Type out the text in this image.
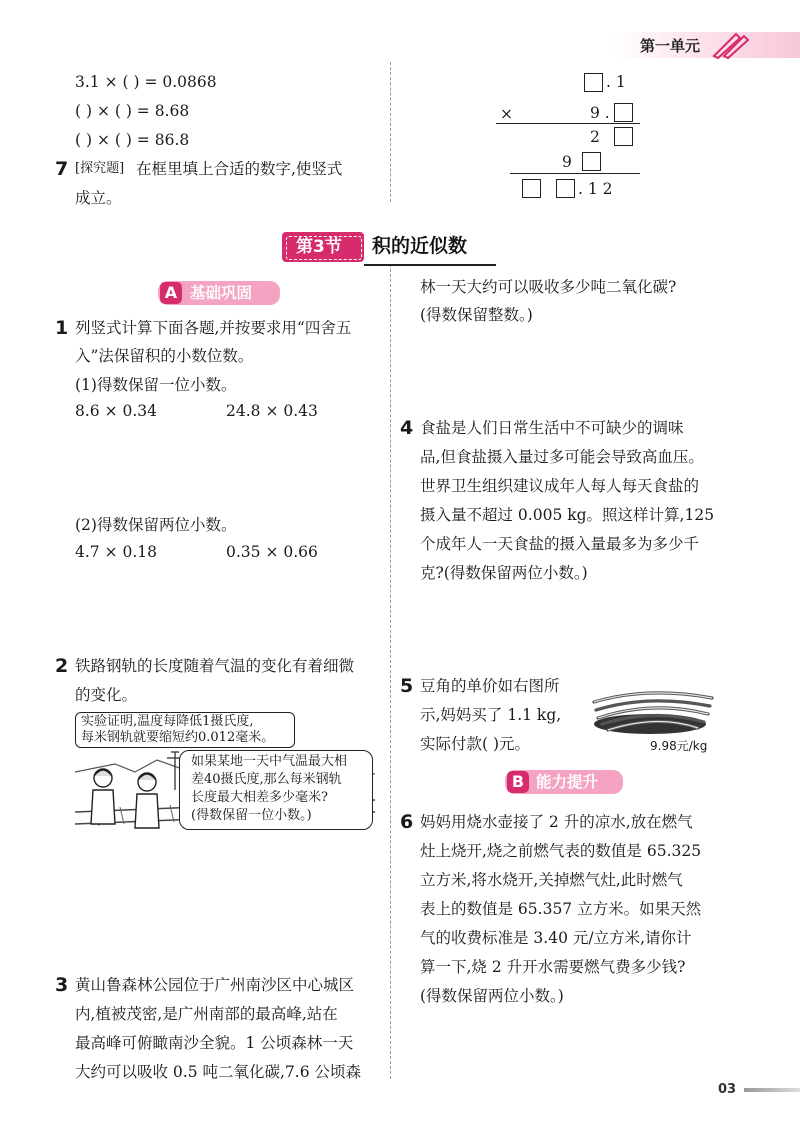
第一单元
3.1 × ( ) = 0.0868
( ) × ( ) = 8.68
( ) × ( ) = 86.8
7 [探究题] 在框里填上合适的数字,使竖式
成立。
. 1
×	9 .
2
9
. 1 2
第3节 积的近似数
A 基础巩固
1 列竖式计算下面各题,并按要求用“四舍五
入”法保留积的小数位数。
(1)得数保留一位小数。
8.6 × 0.34	24.8 × 0.43
(2)得数保留两位小数。
4.7 × 0.18	0.35 × 0.66
2 铁路钢轨的长度随着气温的变化有着细微
的变化。
实验证明,温度每降低1摄氏度,
每米钢轨就要缩短约0.012毫米。
如果某地一天中气温最大相
差40摄氏度,那么每米钢轨
长度最大相差多少毫米?
(得数保留一位小数。)
3 黄山鲁森林公园位于广州南沙区中心城区
内,植被茂密,是广州南部的最高峰,站在
最高峰可俯瞰南沙全貌。1 公顷森林一天
大约可以吸收 0.5 吨二氧化碳,7.6 公顷森
林一天大约可以吸收多少吨二氧化碳?
(得数保留整数。)
4 食盐是人们日常生活中不可缺少的调味
品,但食盐摄入量过多可能会导致高血压。
世界卫生组织建议成年人每人每天食盐的
摄入量不超过 0.005 kg。照这样计算,125
个成年人一天食盐的摄入量最多为多少千
克?(得数保留两位小数。)
5 豆角的单价如右图所
示,妈妈买了 1.1 kg,
实际付款( )元。	9.98元/kg
B 能力提升
6 妈妈用烧水壶接了 2 升的凉水,放在燃气
灶上烧开,烧之前燃气表的数值是 65.325
立方米,将水烧开,关掉燃气灶,此时燃气
表上的数值是 65.357 立方米。如果天然
气的收费标准是 3.40 元/立方米,请你计
算一下,烧 2 升开水需要燃气费多少钱?
(得数保留两位小数。)
03
